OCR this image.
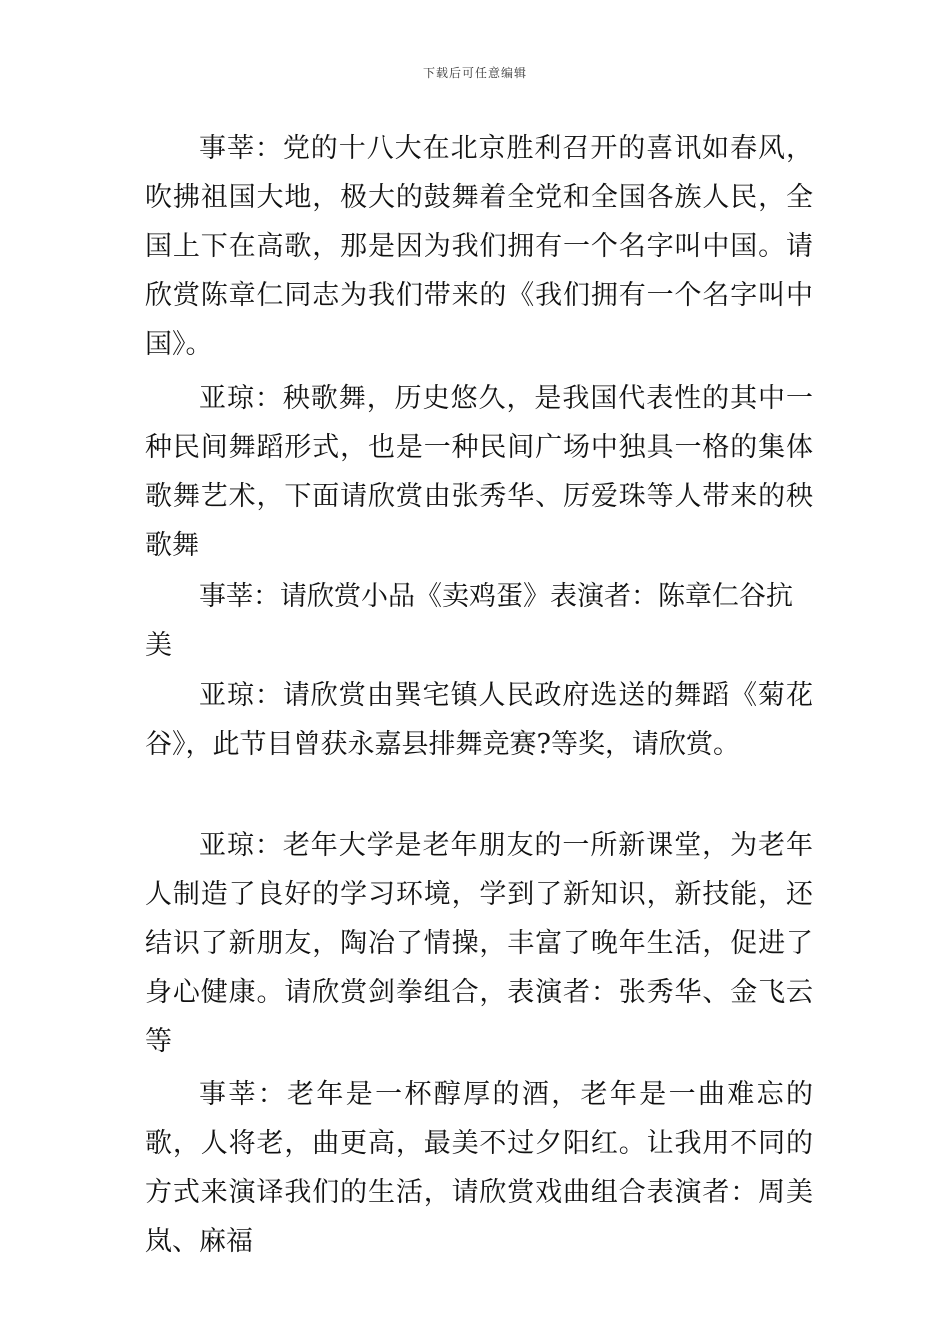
下载后可任意编辑

事莘：党的十八大在北京胜利召开的喜讯如春风，吹拂祖国大地，极大的鼓舞着全党和全国各族人民，全国上下在高歌，那是因为我们拥有一个名字叫中国。请欣赏陈章仁同志为我们带来的《我们拥有一个名字叫中国》。

亚琼：秧歌舞，历史悠久，是我国代表性的其中一种民间舞蹈形式，也是一种民间广场中独具一格的集体歌舞艺术，下面请欣赏由张秀华、厉爱珠等人带来的秧歌舞

事莘：请欣赏小品《卖鸡蛋》表演者：陈章仁谷抗美

亚琼：请欣赏由巽宅镇人民政府选送的舞蹈《菊花谷》，此节目曾获永嘉县排舞竞赛?等奖，请欣赏。

亚琼：老年大学是老年朋友的一所新课堂，为老年人制造了良好的学习环境，学到了新知识，新技能，还结识了新朋友，陶冶了情操，丰富了晚年生活，促进了身心健康。请欣赏剑拳组合，表演者：张秀华、金飞云等

事莘：老年是一杯醇厚的酒，老年是一曲难忘的歌，人将老，曲更高，最美不过夕阳红。让我用不同的方式来演译我们的生活，请欣赏戏曲组合表演者：周美岚、麻福
